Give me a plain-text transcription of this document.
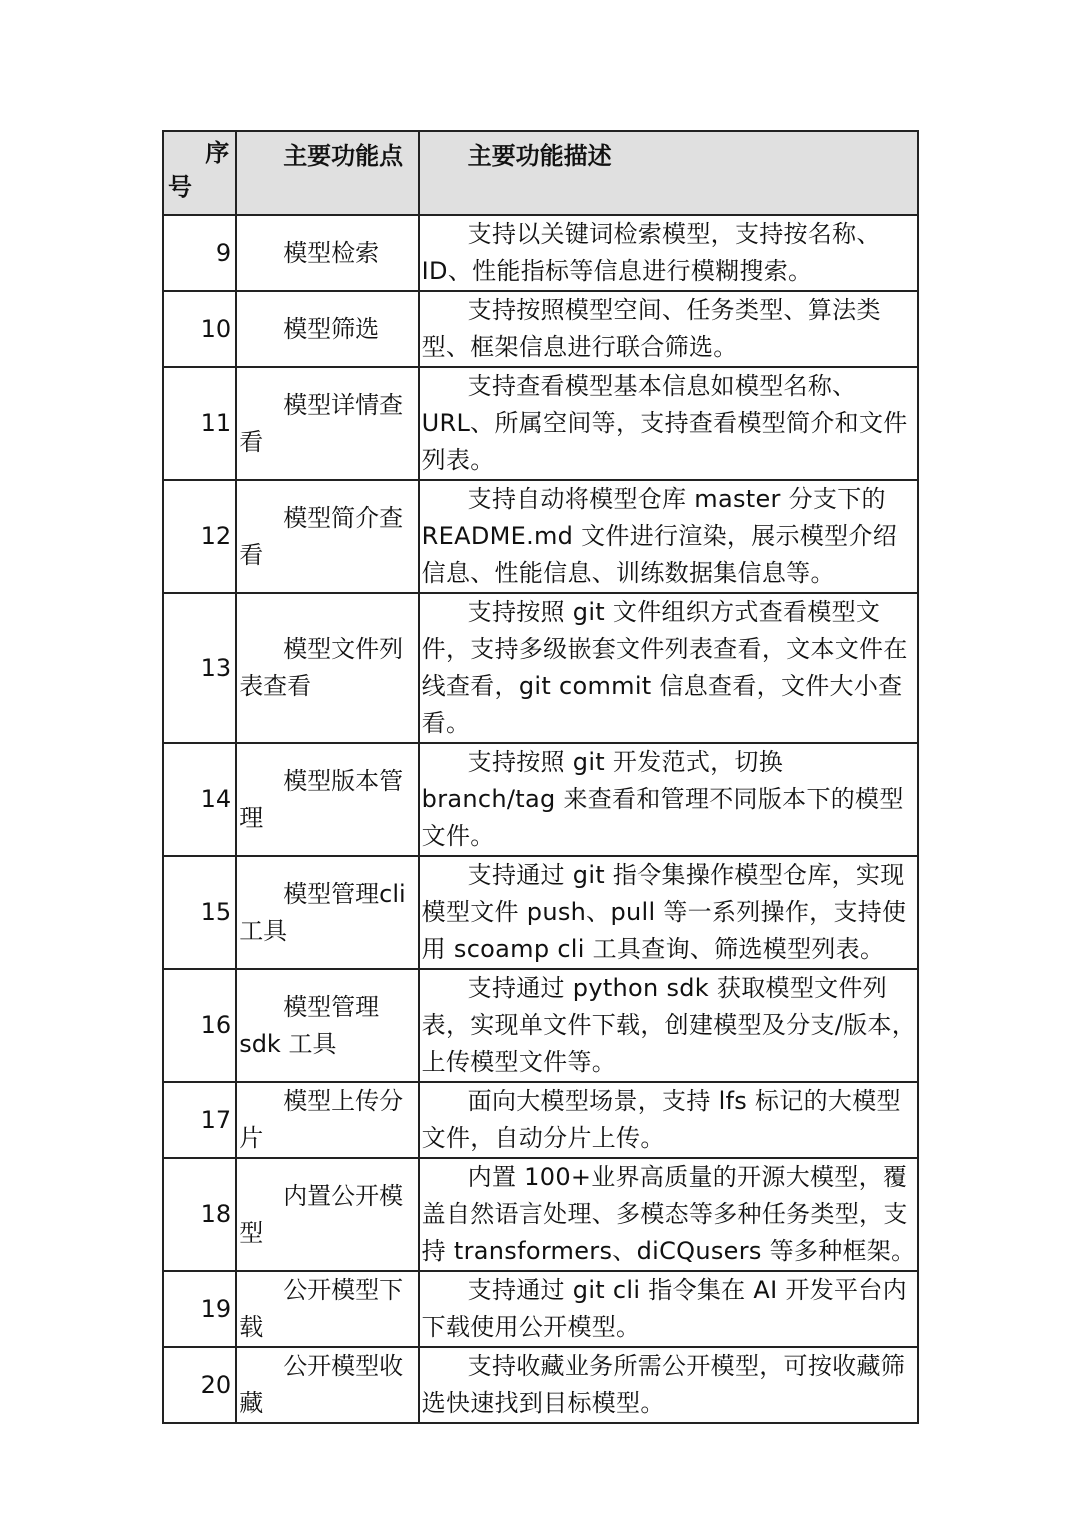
序
号	主要功能点	主要功能描述
9	模型检索	支持以关键词检索模型，支持按名称、ID、性能指标等信息进行模糊搜索。
10	模型筛选	支持按照模型空间、任务类型、算法类型、框架信息进行联合筛选。
11	模型详情查看	支持查看模型基本信息如模型名称、URL、所属空间等，支持查看模型简介和文件列表。
12	模型简介查看	支持自动将模型仓库 master 分支下的README.md 文件进行渲染，展示模型介绍信息、性能信息、训练数据集信息等。
13	模型文件列表查看	支持按照 git 文件组织方式查看模型文件，支持多级嵌套文件列表查看，文本文件在线查看，git commit 信息查看，文件大小查看。
14	模型版本管理	支持按照 git 开发范式，切换 branch/tag 来查看和管理不同版本下的模型文件。
15	模型管理cli 工具	支持通过 git 指令集操作模型仓库，实现模型文件 push、pull 等一系列操作，支持使用 scoamp cli 工具查询、筛选模型列表。
16	模型管理 sdk 工具	支持通过 python sdk 获取模型文件列表，实现单文件下载，创建模型及分支/版本，上传模型文件等。
17	模型上传分片	面向大模型场景，支持 lfs 标记的大模型文件，自动分片上传。
18	内置公开模型	内置 100+业界高质量的开源大模型，覆盖自然语言处理、多模态等多种任务类型，支持 transformers、diCQusers 等多种框架。
19	公开模型下载	支持通过 git cli 指令集在 AI 开发平台内下载使用公开模型。
20	公开模型收藏	支持收藏业务所需公开模型，可按收藏筛选快速找到目标模型。
